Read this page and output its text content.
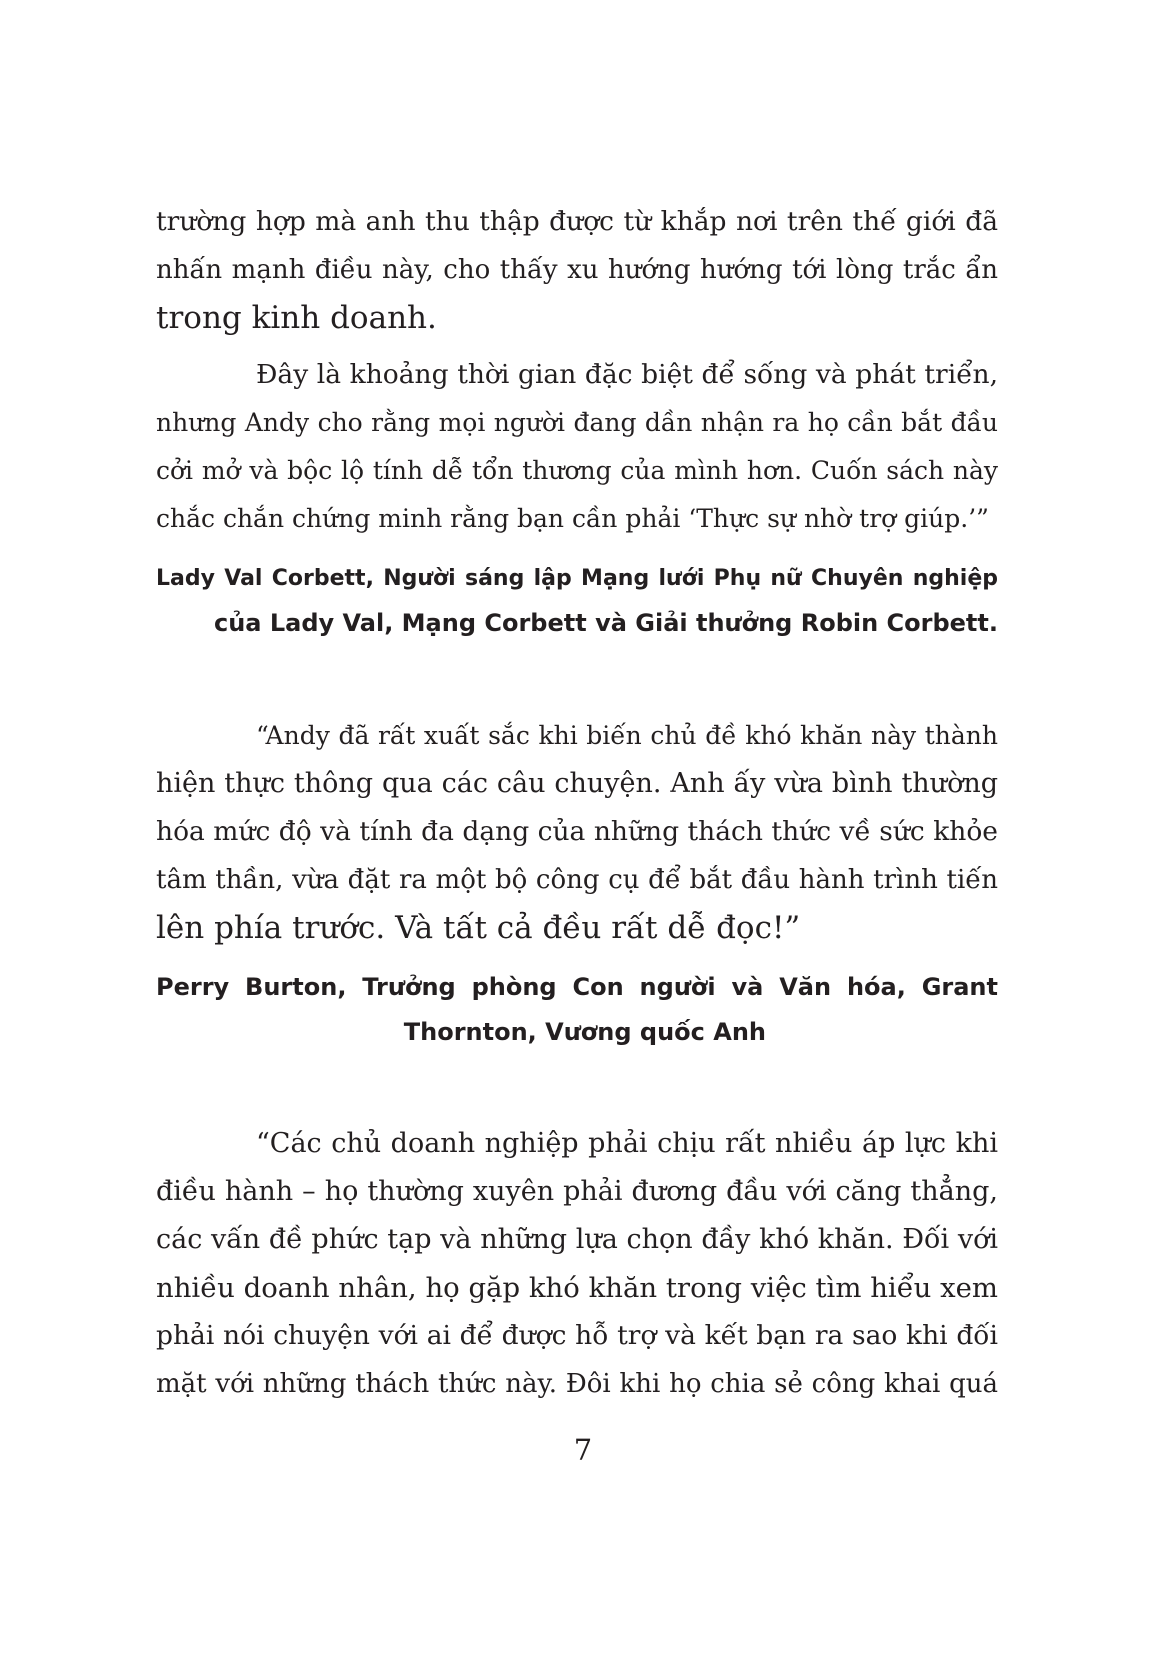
trường hợp mà anh thu thập được từ khắp nơi trên thế giới đã
nhấn mạnh điều này, cho thấy xu hướng hướng tới lòng trắc ẩn
trong kinh doanh.
Đây là khoảng thời gian đặc biệt để sống và phát triển,
nhưng Andy cho rằng mọi người đang dần nhận ra họ cần bắt đầu
cởi mở và bộc lộ tính dễ tổn thương của mình hơn. Cuốn sách này
chắc chắn chứng minh rằng bạn cần phải ‘Thực sự nhờ trợ giúp.’”
Lady Val Corbett, Người sáng lập Mạng lưới Phụ nữ Chuyên nghiệp
của Lady Val, Mạng Corbett và Giải thưởng Robin Corbett.
“Andy đã rất xuất sắc khi biến chủ đề khó khăn này thành
hiện thực thông qua các câu chuyện. Anh ấy vừa bình thường
hóa mức độ và tính đa dạng của những thách thức về sức khỏe
tâm thần, vừa đặt ra một bộ công cụ để bắt đầu hành trình tiến
lên phía trước. Và tất cả đều rất dễ đọc!”
Perry Burton, Trưởng phòng Con người và Văn hóa, Grant
Thornton, Vương quốc Anh
“Các chủ doanh nghiệp phải chịu rất nhiều áp lực khi
điều hành – họ thường xuyên phải đương đầu với căng thẳng,
các vấn đề phức tạp và những lựa chọn đầy khó khăn. Đối với
nhiều doanh nhân, họ gặp khó khăn trong việc tìm hiểu xem
phải nói chuyện với ai để được hỗ trợ và kết bạn ra sao khi đối
mặt với những thách thức này. Đôi khi họ chia sẻ công khai quá
7
